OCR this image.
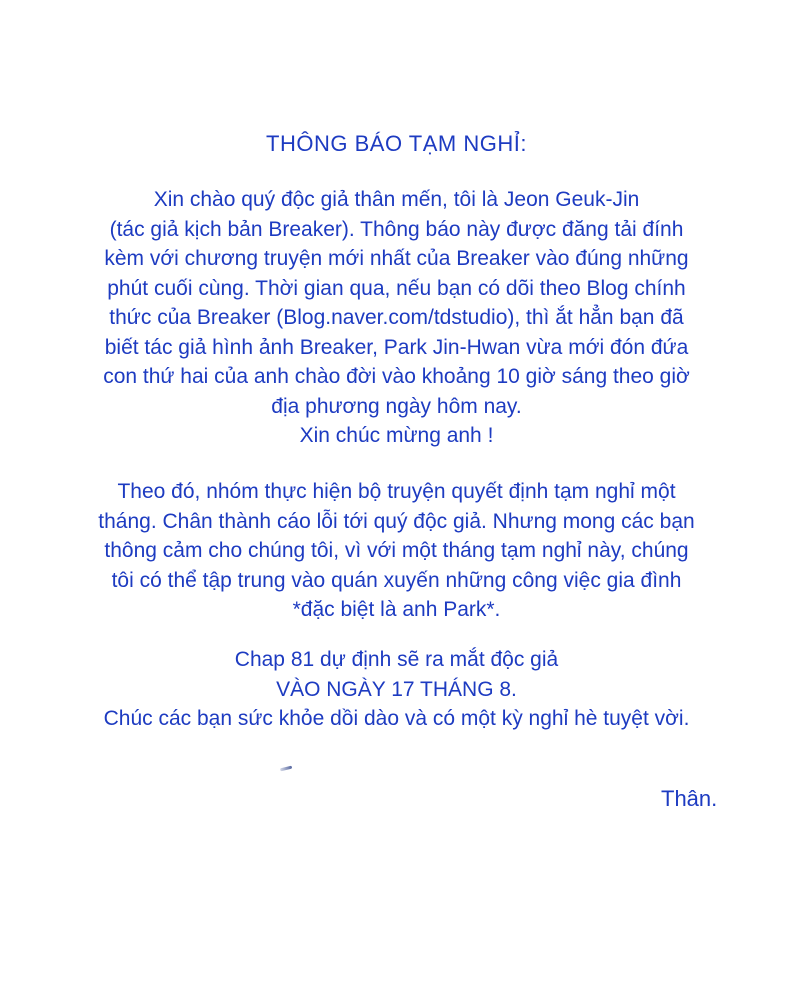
THÔNG BÁO TẠM NGHỈ:
Xin chào quý độc giả thân mến, tôi là Jeon Geuk-Jin
(tác giả kịch bản Breaker). Thông báo này được đăng tải đính
kèm với chương truyện mới nhất của Breaker vào đúng những
phút cuối cùng. Thời gian qua, nếu bạn có dõi theo Blog chính
thức của Breaker (Blog.naver.com/tdstudio), thì ắt hẳn bạn đã
biết tác giả hình ảnh Breaker, Park Jin-Hwan vừa mới đón đứa
con thứ hai của anh chào đời vào khoảng 10 giờ sáng theo giờ
địa phương ngày hôm nay.
Xin chúc mừng anh !
Theo đó, nhóm thực hiện bộ truyện quyết định tạm nghỉ một
tháng. Chân thành cáo lỗi tới quý độc giả. Nhưng mong các bạn
thông cảm cho chúng tôi, vì với một tháng tạm nghỉ này, chúng
tôi có thể tập trung vào quán xuyến những công việc gia đình
*đặc biệt là anh Park*.
Chap 81 dự định sẽ ra mắt độc giả
VÀO NGÀY 17 THÁNG 8.
Chúc các bạn sức khỏe dồi dào và có một kỳ nghỉ hè tuyệt vời.
Thân.
